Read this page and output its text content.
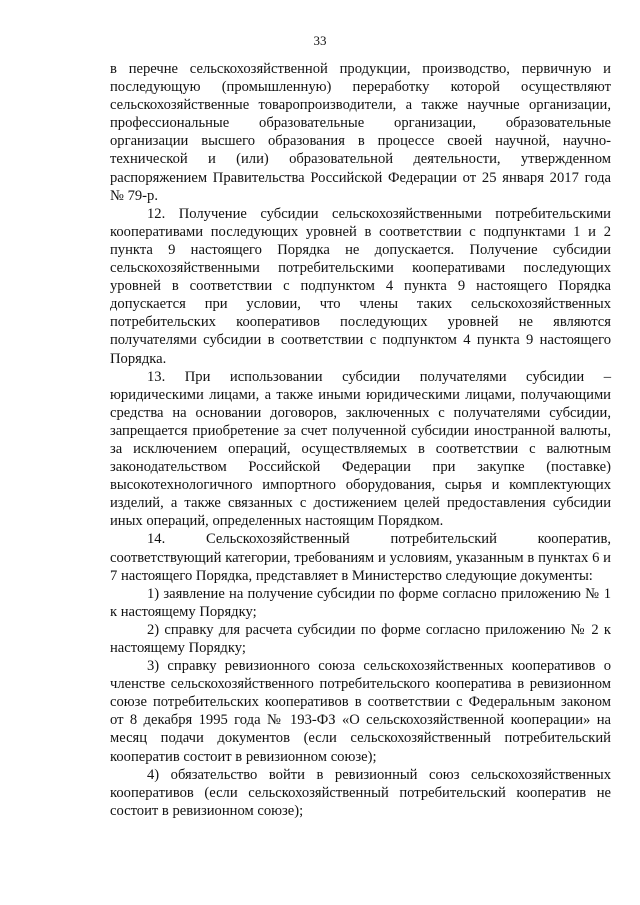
33

в перечне сельскохозяйственной продукции, производство, первичную и последующую (промышленную) переработку которой осуществляют сельскохозяйственные товаропроизводители, а также научные организации, профессиональные образовательные организации, образовательные организации высшего образования в процессе своей научной, научно-технической и (или) образовательной деятельности, утвержденном распоряжением Правительства Российской Федерации от 25 января 2017 года № 79-р.

12. Получение субсидии сельскохозяйственными потребительскими кооперативами последующих уровней в соответствии с подпунктами 1 и 2 пункта 9 настоящего Порядка не допускается. Получение субсидии сельскохозяйственными потребительскими кооперативами последующих уровней в соответствии с подпунктом 4 пункта 9 настоящего Порядка допускается при условии, что члены таких сельскохозяйственных потребительских кооперативов последующих уровней не являются получателями субсидии в соответствии с подпунктом 4 пункта 9 настоящего Порядка.

13. При использовании субсидии получателями субсидии – юридическими лицами, а также иными юридическими лицами, получающими средства на основании договоров, заключенных с получателями субсидии, запрещается приобретение за счет полученной субсидии иностранной валюты, за исключением операций, осуществляемых в соответствии с валютным законодательством Российской Федерации при закупке (поставке) высокотехнологичного импортного оборудования, сырья и комплектующих изделий, а также связанных с достижением целей предоставления субсидии иных операций, определенных настоящим Порядком.

14. Сельскохозяйственный потребительский кооператив, соответствующий категории, требованиям и условиям, указанным в пунктах 6 и 7 настоящего Порядка, представляет в Министерство следующие документы:

1) заявление на получение субсидии по форме согласно приложению № 1 к настоящему Порядку;

2) справку для расчета субсидии по форме согласно приложению № 2 к настоящему Порядку;

3) справку ревизионного союза сельскохозяйственных кооперативов о членстве сельскохозяйственного потребительского кооператива в ревизионном союзе потребительских кооперативов в соответствии с Федеральным законом от 8 декабря 1995 года № 193-ФЗ «О сельскохозяйственной кооперации» на месяц подачи документов (если сельскохозяйственный потребительский кооператив состоит в ревизионном союзе);

4) обязательство войти в ревизионный союз сельскохозяйственных кооперативов (если сельскохозяйственный потребительский кооператив не состоит в ревизионном союзе);
